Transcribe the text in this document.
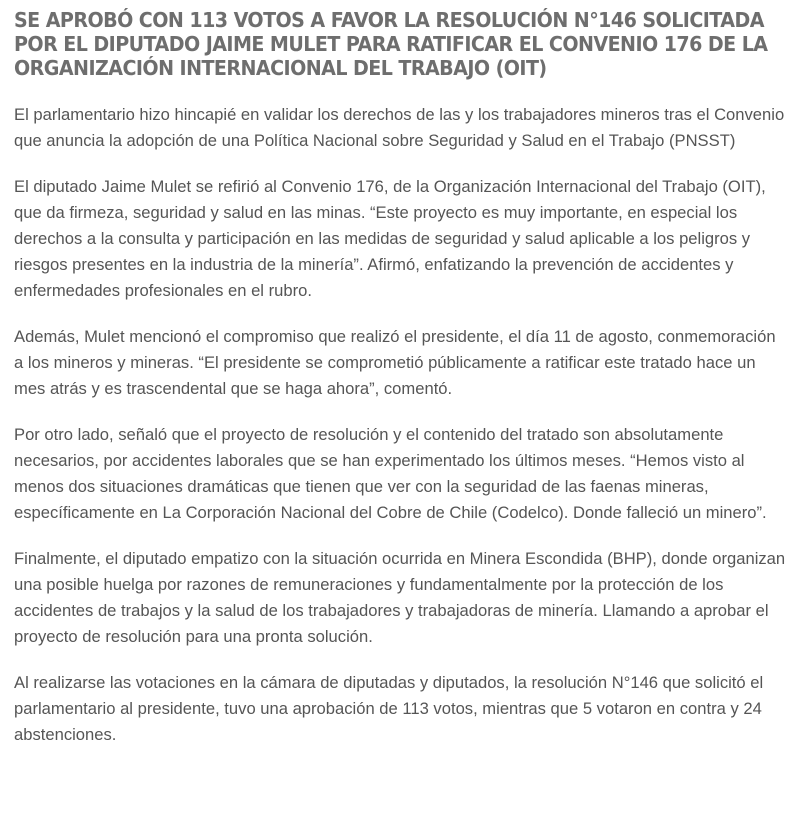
SE APROBÓ CON 113 VOTOS A FAVOR LA RESOLUCIÓN N°146 SOLICITADA POR EL DIPUTADO JAIME MULET PARA RATIFICAR EL CONVENIO 176 DE LA ORGANIZACIÓN INTERNACIONAL DEL TRABAJO (OIT)

El parlamentario hizo hincapié en validar los derechos de las y los trabajadores mineros tras el Convenio que anuncia la adopción de una Política Nacional sobre Seguridad y Salud en el Trabajo (PNSST)

El diputado Jaime Mulet se refirió al Convenio 176, de la Organización Internacional del Trabajo (OIT), que da firmeza, seguridad y salud en las minas. “Este proyecto es muy importante, en especial los derechos a la consulta y participación en las medidas de seguridad y salud aplicable a los peligros y riesgos presentes en la industria de la minería”. Afirmó, enfatizando la prevención de accidentes y enfermedades profesionales en el rubro.

Además, Mulet mencionó el compromiso que realizó el presidente, el día 11 de agosto, conmemoración a los mineros y mineras. “El presidente se comprometió públicamente a ratificar este tratado hace un mes atrás y es trascendental que se haga ahora”, comentó.

Por otro lado, señaló que el proyecto de resolución y el contenido del tratado son absolutamente necesarios, por accidentes laborales que se han experimentado los últimos meses. “Hemos visto al menos dos situaciones dramáticas que tienen que ver con la seguridad de las faenas mineras, específicamente en La Corporación Nacional del Cobre de Chile (Codelco). Donde falleció un minero”.

Finalmente, el diputado empatizo con la situación ocurrida en Minera Escondida (BHP), donde organizan una posible huelga por razones de remuneraciones y fundamentalmente por la protección de los accidentes de trabajos y la salud de los trabajadores y trabajadoras de minería. Llamando a aprobar el proyecto de resolución para una pronta solución.

Al realizarse las votaciones en la cámara de diputadas y diputados, la resolución N°146 que solicitó el parlamentario al presidente, tuvo una aprobación de 113 votos, mientras que 5 votaron en contra y 24 abstenciones.
